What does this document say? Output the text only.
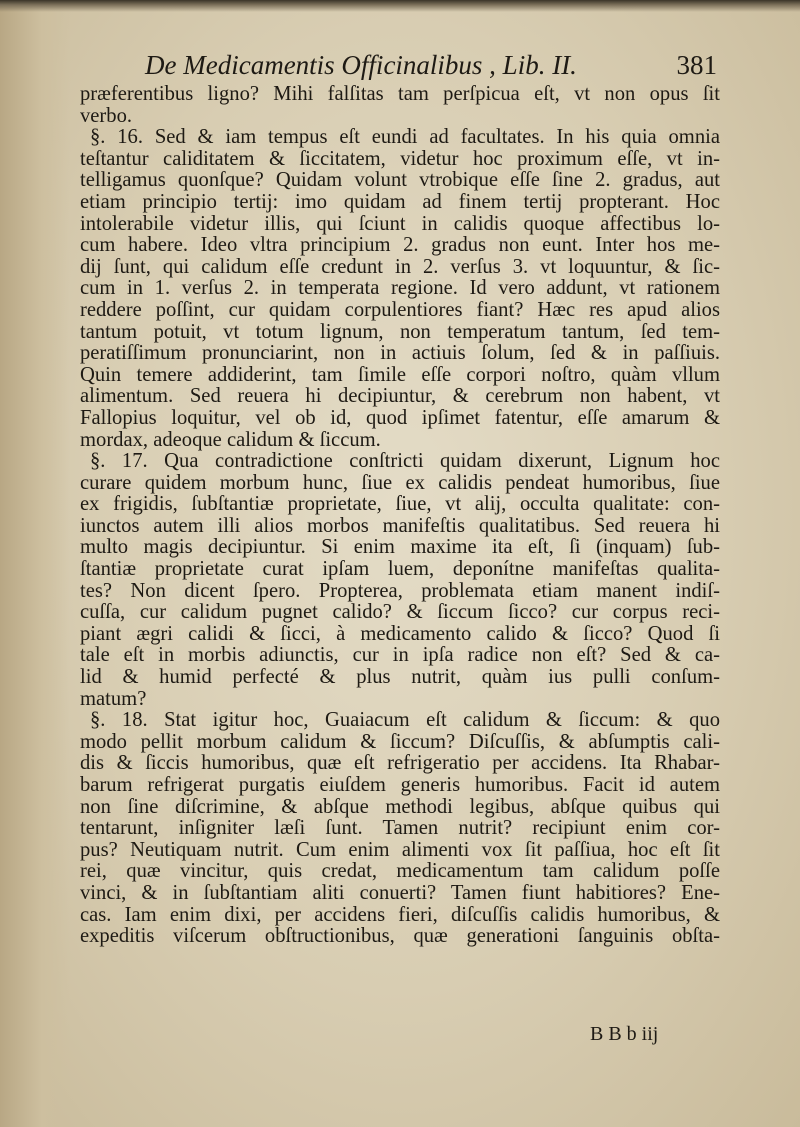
De Medicamentis Officinalibus , Lib. II.	381
præferentibus ligno? Mihi falſitas tam perſpicua eſt, vt non opus ſit
verbo.
§. 16. Sed & iam tempus eſt eundi ad facultates. In his quia omnia
teſtantur caliditatem & ſiccitatem, videtur hoc proximum eſſe, vt in-
telligamus quonſque? Quidam volunt vtrobique eſſe ſine 2. gradus, aut
etiam principio tertij: imo quidam ad finem tertij propterant. Hoc
intolerabile videtur illis, qui ſciunt in calidis quoque affectibus lo-
cum habere. Ideo vltra principium 2. gradus non eunt. Inter hos me-
dij ſunt, qui calidum eſſe credunt in 2. verſus 3. vt loquuntur, & ſic-
cum in 1. verſus 2. in temperata regione. Id vero addunt, vt rationem
reddere poſſint, cur quidam corpulentiores fiant? Hæc res apud alios
tantum potuit, vt totum lignum, non temperatum tantum, ſed tem-
peratiſſimum pronunciarint, non in actiuis ſolum, ſed & in paſſiuis.
Quin temere addiderint, tam ſimile eſſe corpori noſtro, quàm vllum
alimentum. Sed reuera hi decipiuntur, & cerebrum non habent, vt
Fallopius loquitur, vel ob id, quod ipſimet fatentur, eſſe amarum &
mordax, adeoque calidum & ſiccum.
§. 17. Qua contradictione conſtricti quidam dixerunt, Lignum hoc
curare quidem morbum hunc, ſiue ex calidis pendeat humoribus, ſiue
ex frigidis, ſubſtantiæ proprietate, ſiue, vt alij, occulta qualitate: con-
iunctos autem illi alios morbos manifeſtis qualitatibus. Sed reuera hi
multo magis decipiuntur. Si enim maxime ita eſt, ſi (inquam) ſub-
ſtantiæ proprietate curat ipſam luem, deponítne manifeſtas qualita-
tes? Non dicent ſpero. Propterea, problemata etiam manent indiſ-
cuſſa, cur calidum pugnet calido? & ſiccum ſicco? cur corpus reci-
piant ægri calidi & ſicci, à medicamento calido & ſicco? Quod ſi
tale eſt in morbis adiunctis, cur in ipſa radice non eſt? Sed & ca-
lid & humid perfecté & plus nutrit, quàm ius pulli conſum-
matum?
§. 18. Stat igitur hoc, Guaiacum eſt calidum & ſiccum: & quo
modo pellit morbum calidum & ſiccum? Diſcuſſis, & abſumptis cali-
dis & ſiccis humoribus, quæ eſt refrigeratio per accidens. Ita Rhabar-
barum refrigerat purgatis eiuſdem generis humoribus. Facit id autem
non ſine diſcrimine, & abſque methodi legibus, abſque quibus qui
tentarunt, inſigniter læſi ſunt. Tamen nutrit? recipiunt enim cor-
pus? Neutiquam nutrit. Cum enim alimenti vox ſit paſſiua, hoc eſt ſit
rei, quæ vincitur, quis credat, medicamentum tam calidum poſſe
vinci, & in ſubſtantiam aliti conuerti? Tamen fiunt habitiores? Ene-
cas. Iam enim dixi, per accidens fieri, diſcuſſis calidis humoribus, &
expeditis viſcerum obſtructionibus, quæ generationi ſanguinis obſta-
B B b iij
